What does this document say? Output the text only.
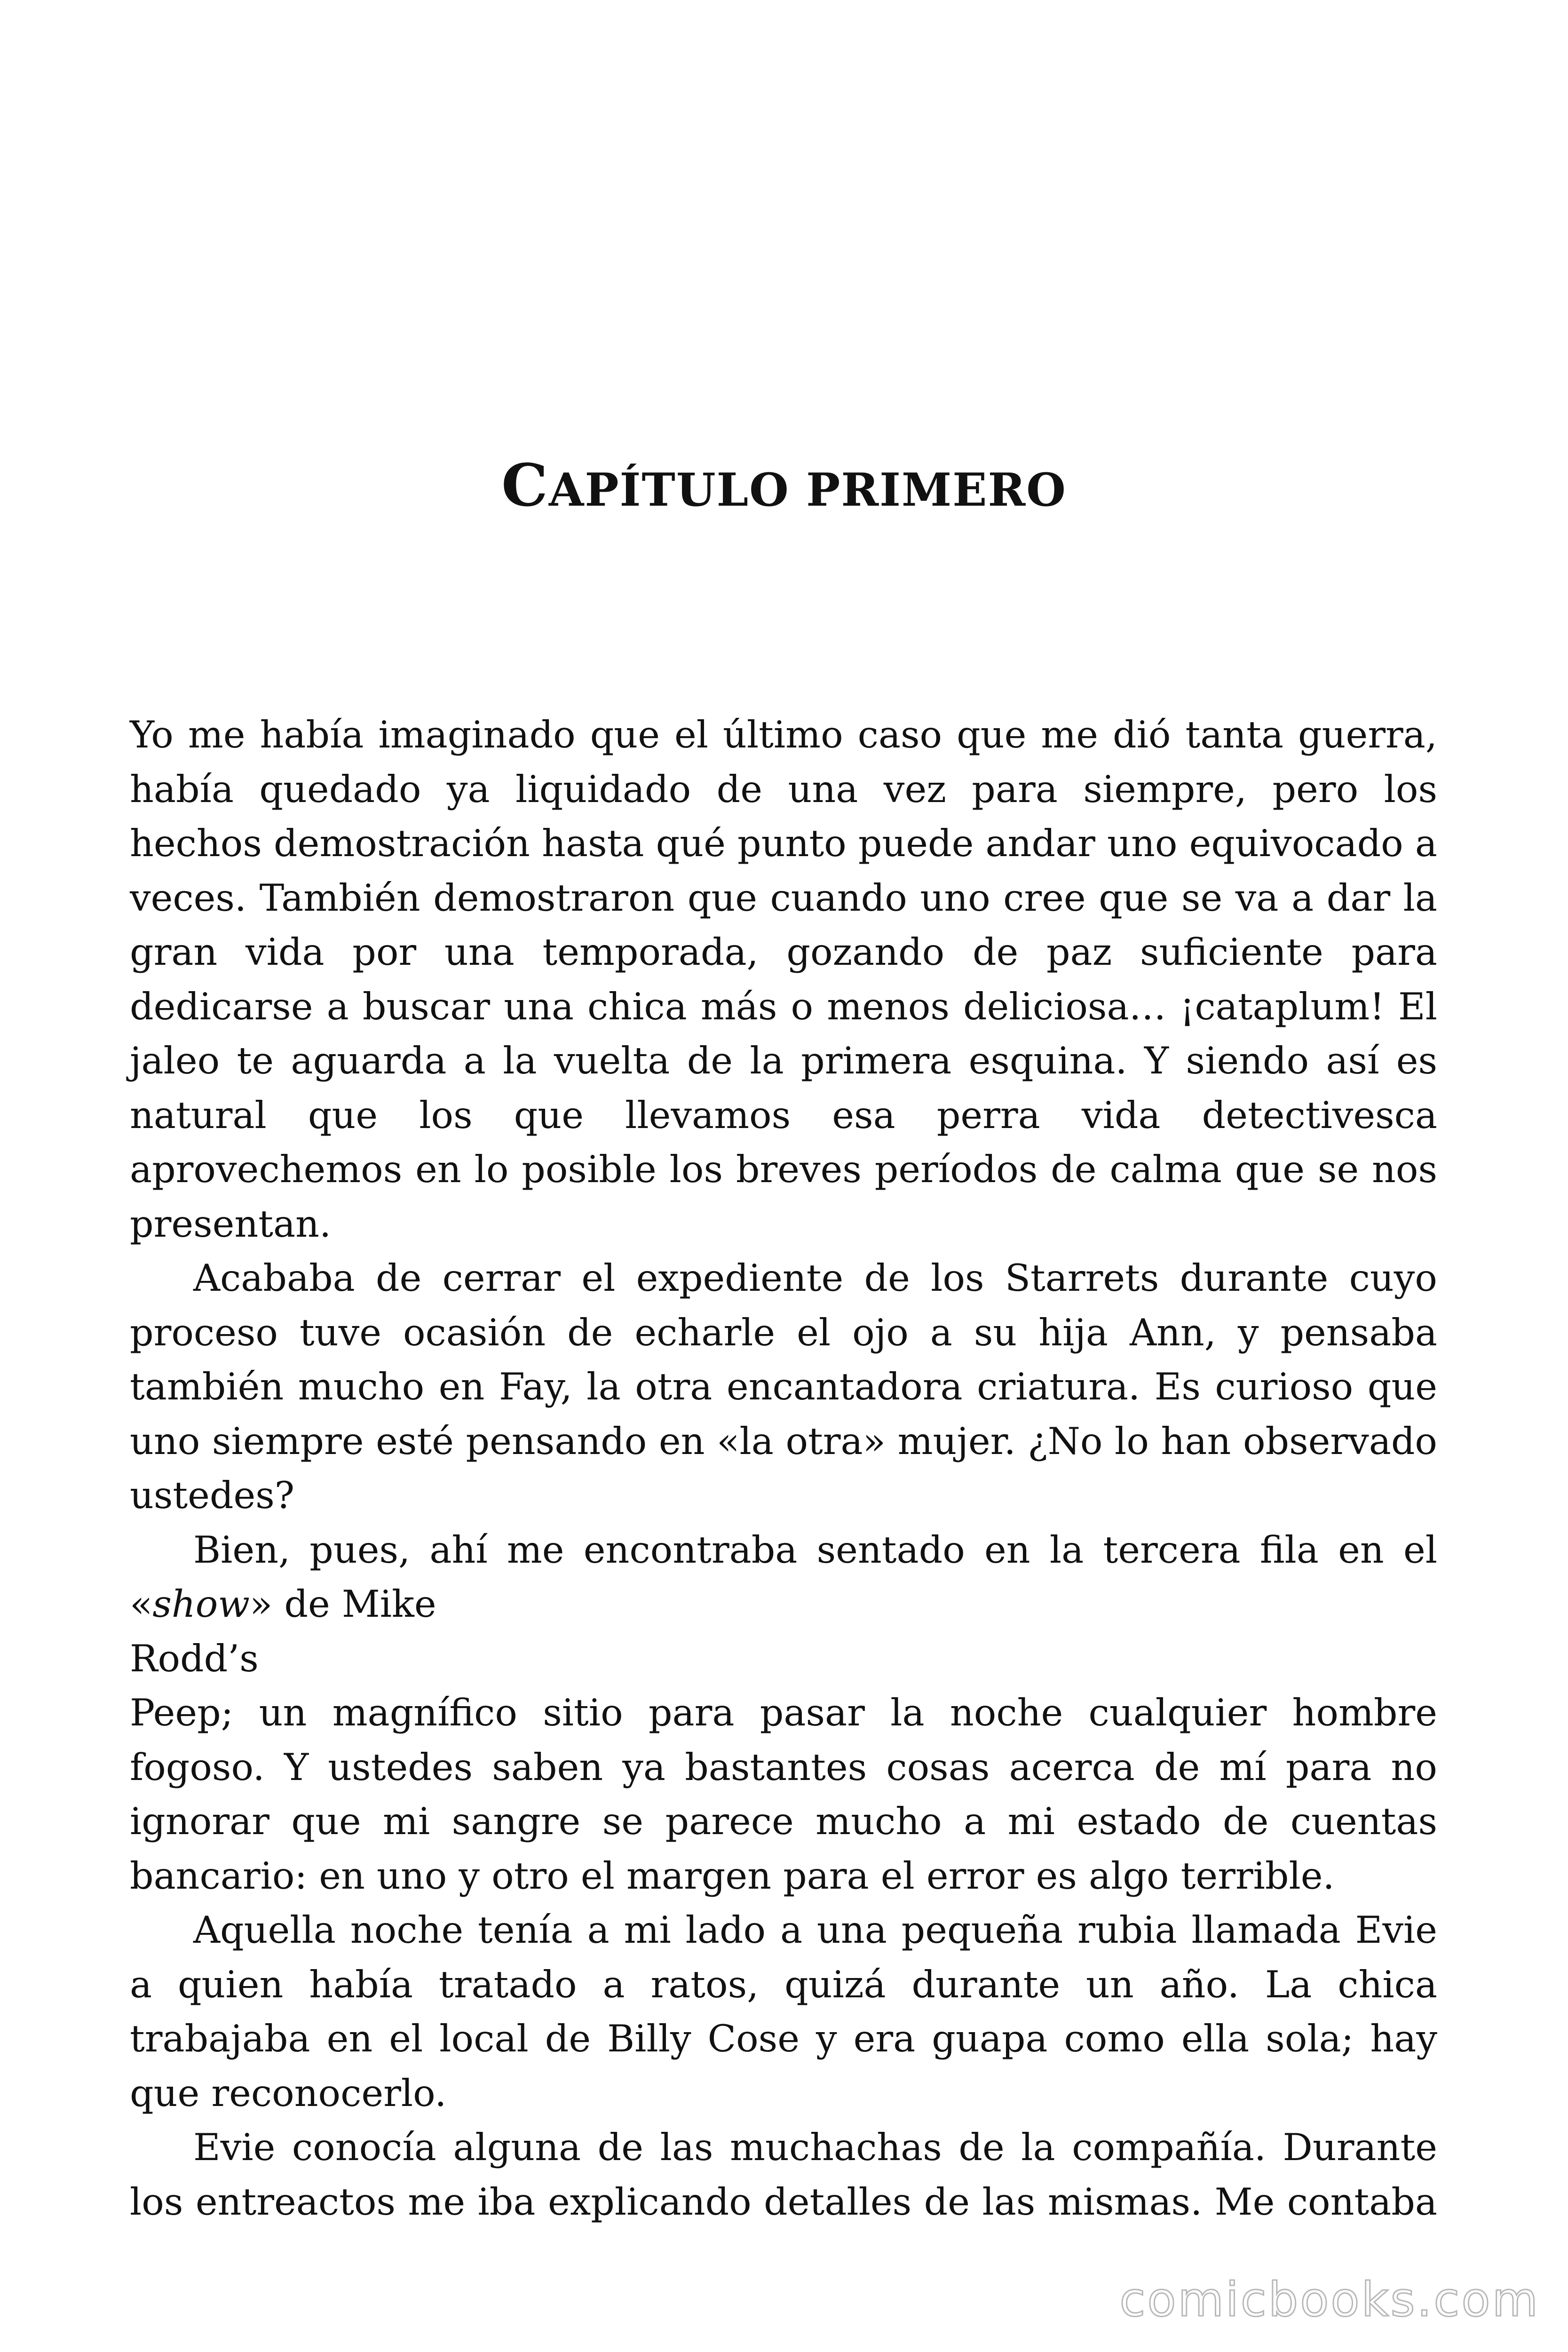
CAPÍTULO PRIMERO

Yo me había imaginado que el último caso que me dió tanta guerra, había quedado ya liquidado de una vez para siempre, pero los hechos demostración hasta qué punto puede andar uno equivocado a veces. También demostraron que cuando uno cree que se va a dar la gran vida por una temporada, gozando de paz suficiente para dedicarse a buscar una chica más o menos deliciosa… ¡cataplum! El jaleo te aguarda a la vuelta de la primera esquina. Y siendo así es natural que los que llevamos esa perra vida detectivesca aprovechemos en lo posible los breves períodos de calma que se nos presentan.

Acababa de cerrar el expediente de los Starrets durante cuyo proceso tuve ocasión de echarle el ojo a su hija Ann, y pensaba también mucho en Fay, la otra encantadora criatura. Es curioso que uno siempre esté pensando en «la otra» mujer. ¿No lo han observado ustedes?

Bien, pues, ahí me encontraba sentado en la tercera fila en el
«show» de Mike
Rodd’s
Peep; un magnífico sitio para pasar la noche cualquier hombre fogoso. Y ustedes saben ya bastantes cosas acerca de mí para no ignorar que mi sangre se parece mucho a mi estado de cuentas bancario: en uno y otro el margen para el error es algo terrible.

Aquella noche tenía a mi lado a una pequeña rubia llamada Evie a quien había tratado a ratos, quizá durante un año. La chica trabajaba en el local de Billy Cose y era guapa como ella sola; hay que reconocerlo.

Evie conocía alguna de las muchachas de la compañía. Durante los entreactos me iba explicando detalles de las mismas. Me contaba

comicbooks.com
